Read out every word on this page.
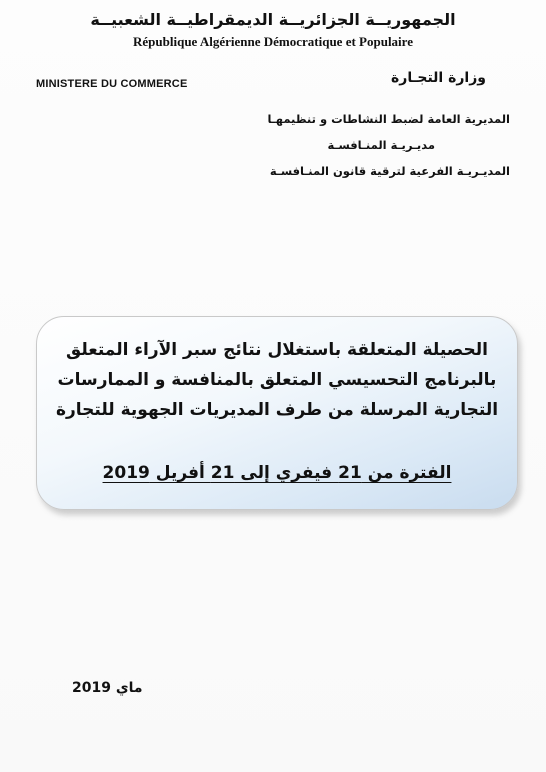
الجمهوريــة الجزائريــة الديمقراطيــة الشعبيــة
République Algérienne Démocratique et Populaire
MINISTERE DU COMMERCE	وزارة التجـارة
المديرية العامة لضبط النشاطات و تنظيمهـا
مديـريـة المنـافسـة
المديـريـة الفرعية لترقية قانون المنـافسـة
الحصيلة المتعلقة باستغلال نتائج سبر الآراء المتعلق
بالبرنامج التحسيسي المتعلق بالمنافسة و الممارسات
التجارية المرسلة من طرف المديريات الجهوية للتجارة
الفترة من 21 فيفري إلى 21 أفريل 2019
ماي 2019
